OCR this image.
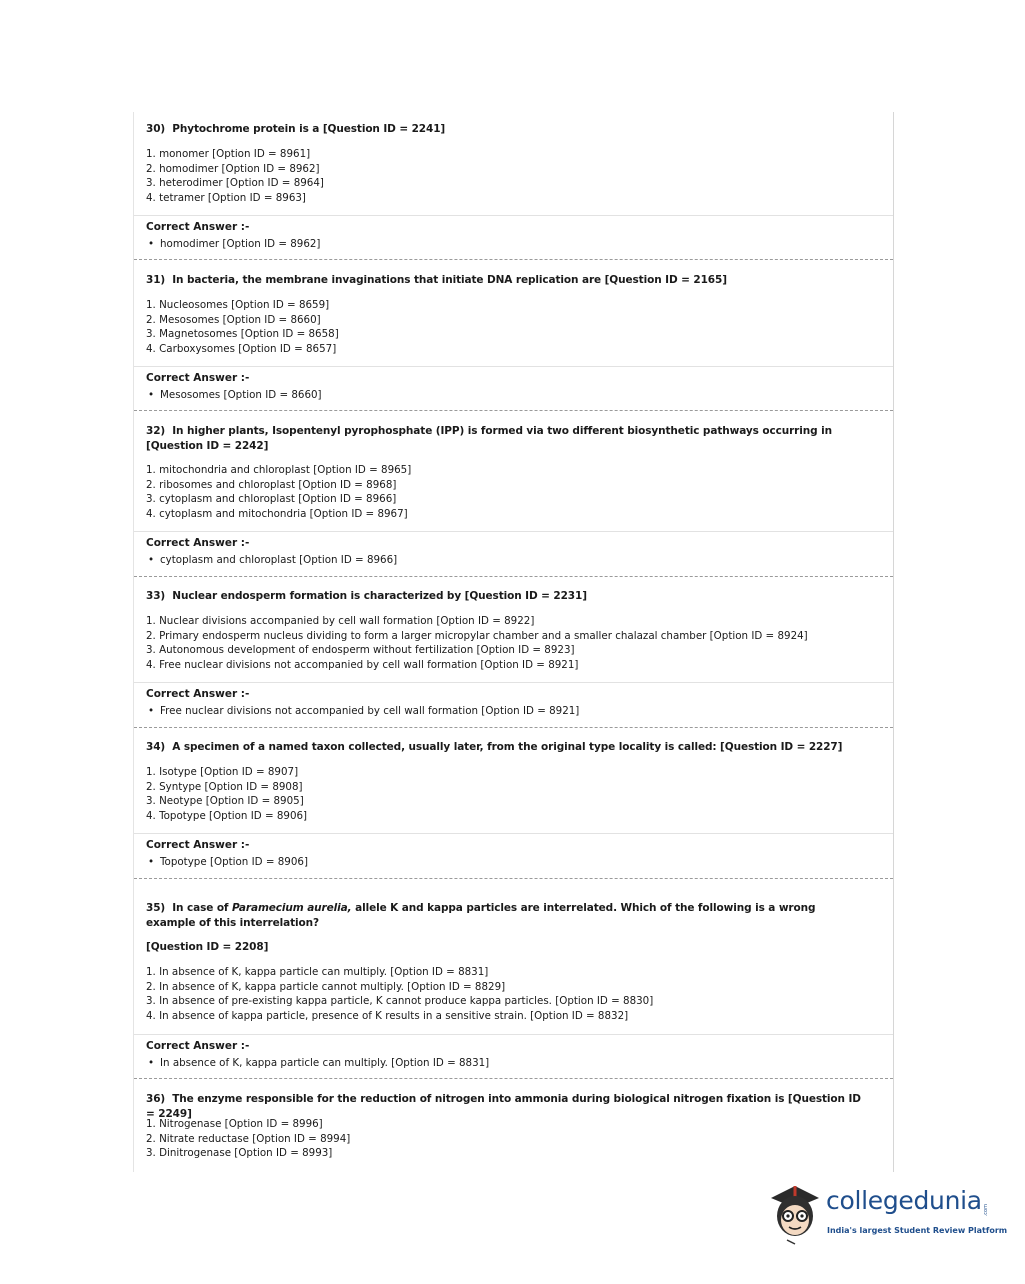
30) Phytochrome protein is a [Question ID = 2241]
1. monomer [Option ID = 8961]
2. homodimer [Option ID = 8962]
3. heterodimer [Option ID = 8964]
4. tetramer [Option ID = 8963]
Correct Answer :-
• homodimer [Option ID = 8962]
31) In bacteria, the membrane invaginations that initiate DNA replication are [Question ID = 2165]
1. Nucleosomes [Option ID = 8659]
2. Mesosomes [Option ID = 8660]
3. Magnetosomes [Option ID = 8658]
4. Carboxysomes [Option ID = 8657]
Correct Answer :-
• Mesosomes [Option ID = 8660]
32) In higher plants, Isopentenyl pyrophosphate (IPP) is formed via two different biosynthetic pathways occurring in [Question ID = 2242]
1. mitochondria and chloroplast [Option ID = 8965]
2. ribosomes and chloroplast [Option ID = 8968]
3. cytoplasm and chloroplast [Option ID = 8966]
4. cytoplasm and mitochondria [Option ID = 8967]
Correct Answer :-
• cytoplasm and chloroplast [Option ID = 8966]
33) Nuclear endosperm formation is characterized by [Question ID = 2231]
1. Nuclear divisions accompanied by cell wall formation [Option ID = 8922]
2. Primary endosperm nucleus dividing to form a larger micropylar chamber and a smaller chalazal chamber [Option ID = 8924]
3. Autonomous development of endosperm without fertilization [Option ID = 8923]
4. Free nuclear divisions not accompanied by cell wall formation [Option ID = 8921]
Correct Answer :-
• Free nuclear divisions not accompanied by cell wall formation [Option ID = 8921]
34) A specimen of a named taxon collected, usually later, from the original type locality is called: [Question ID = 2227]
1. Isotype [Option ID = 8907]
2. Syntype [Option ID = 8908]
3. Neotype [Option ID = 8905]
4. Topotype [Option ID = 8906]
Correct Answer :-
• Topotype [Option ID = 8906]
35) In case of Paramecium aurelia, allele K and kappa particles are interrelated. Which of the following is a wrong example of this interrelation?
[Question ID = 2208]
1. In absence of K, kappa particle can multiply. [Option ID = 8831]
2. In absence of K, kappa particle cannot multiply. [Option ID = 8829]
3. In absence of pre-existing kappa particle, K cannot produce kappa particles. [Option ID = 8830]
4. In absence of kappa particle, presence of K results in a sensitive strain. [Option ID = 8832]
Correct Answer :-
• In absence of K, kappa particle can multiply. [Option ID = 8831]
36) The enzyme responsible for the reduction of nitrogen into ammonia during biological nitrogen fixation is [Question ID = 2249]
1. Nitrogenase [Option ID = 8996]
2. Nitrate reductase [Option ID = 8994]
3. Dinitrogenase [Option ID = 8993]
collegedunia .com
India's largest Student Review Platform
